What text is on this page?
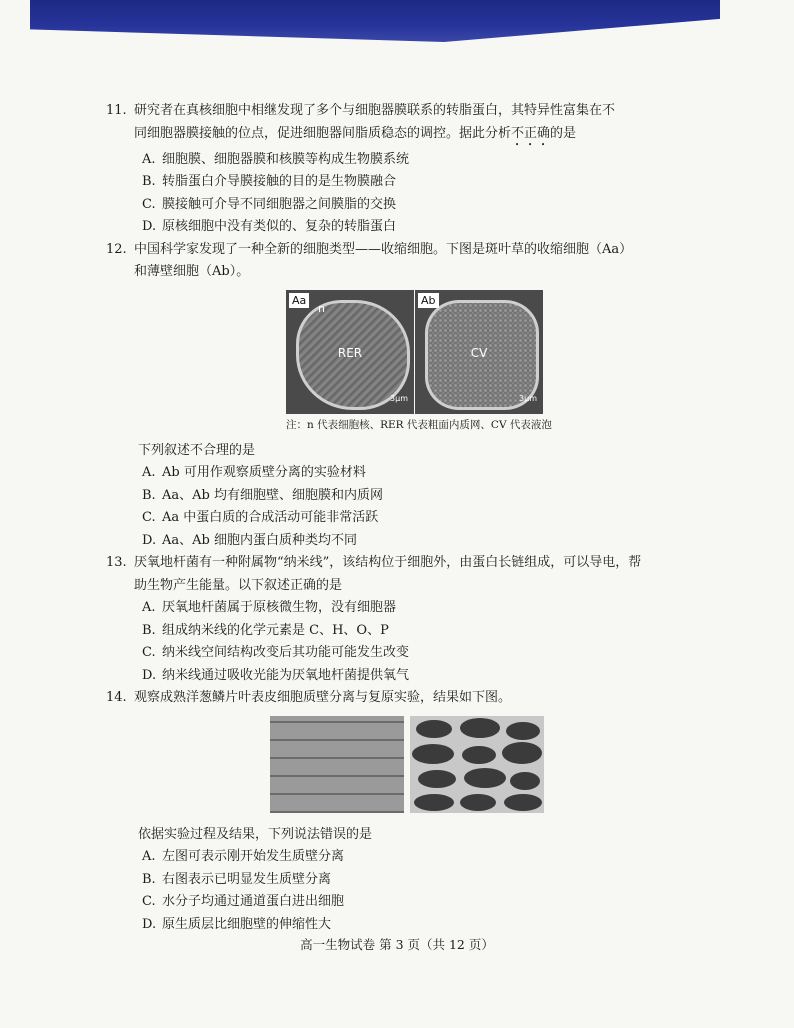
11. 研究者在真核细胞中相继发现了多个与细胞器膜联系的转脂蛋白，其特异性富集在不

同细胞器膜接触的位点，促进细胞器间脂质稳态的调控。据此分析不正确的是

A. 细胞膜、细胞器膜和核膜等构成生物膜系统

B. 转脂蛋白介导膜接触的目的是生物膜融合

C. 膜接触可介导不同细胞器之间膜脂的交换

D. 原核细胞中没有类似的、复杂的转脂蛋白

12. 中国科学家发现了一种全新的细胞类型——收缩细胞。下图是斑叶草的收缩细胞（Aa）

和薄壁细胞（Ab）。

Aa
n
RER
3μm
Ab
CV
3μm
注：n 代表细胞核、RER 代表粗面内质网、CV 代表液泡

下列叙述不合理的是

A. Ab 可用作观察质壁分离的实验材料

B. Aa、Ab 均有细胞壁、细胞膜和内质网

C. Aa 中蛋白质的合成活动可能非常活跃

D. Aa、Ab 细胞内蛋白质种类均不同

13. 厌氧地杆菌有一种附属物“纳米线”，该结构位于细胞外，由蛋白长链组成，可以导电，帮

助生物产生能量。以下叙述正确的是

A. 厌氧地杆菌属于原核微生物，没有细胞器

B. 组成纳米线的化学元素是 C、H、O、P

C. 纳米线空间结构改变后其功能可能发生改变

D. 纳米线通过吸收光能为厌氧地杆菌提供氧气

14. 观察成熟洋葱鳞片叶表皮细胞质壁分离与复原实验，结果如下图。

依据实验过程及结果，下列说法错误的是

A. 左图可表示刚开始发生质壁分离

B. 右图表示已明显发生质壁分离

C. 水分子均通过通道蛋白进出细胞

D. 原生质层比细胞壁的伸缩性大

高一生物试卷 第 3 页（共 12 页）
